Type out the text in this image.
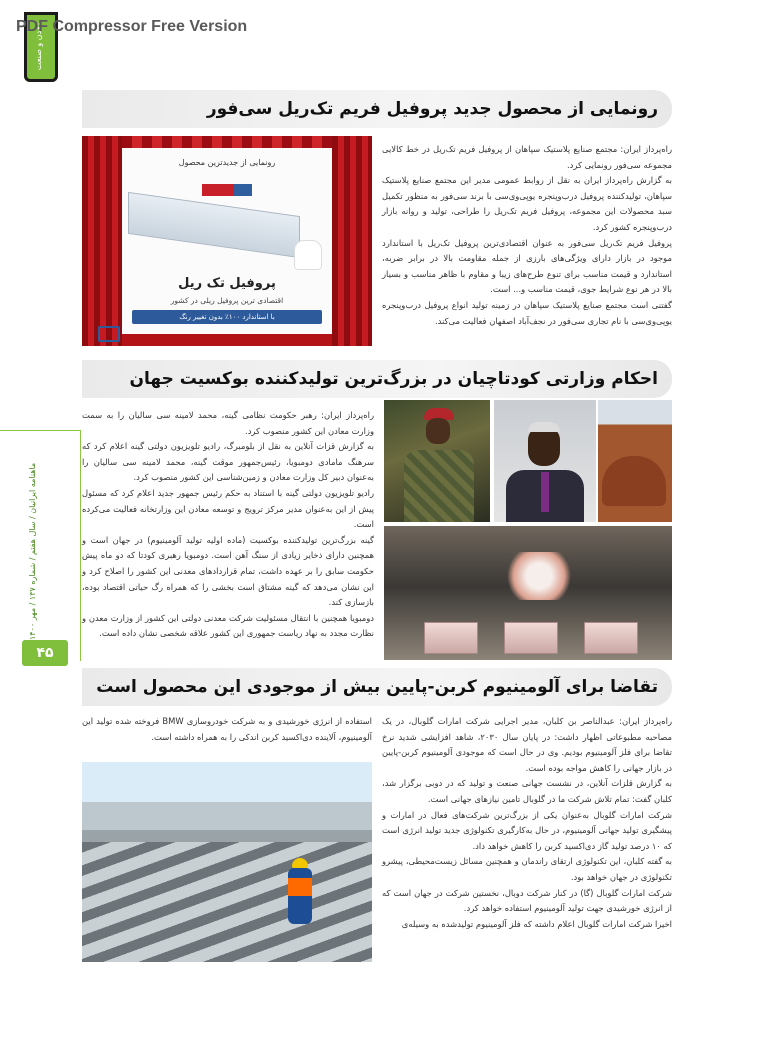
PDF Compressor Free Version
معدن و صنعت
ماهنامه ایرانیان / سال هفتم / شماره ۱۳۷ / مهر ۱۴۰۰
۴۵
رونمایی از محصول جدید پروفیل فریم تک‌ریل سی‌فور
رونمایی از جدیدترین محصول
پروفیل تک ریل
اقتصادی ترین پروفیل ریلی در کشور
با استاندارد ۱۰۰٪ بدون تغییر رنگ

راه‌پرداز ایران: مجتمع صنایع پلاستیک سپاهان از پروفیل فریم تک‌ریل در خط کالایی مجموعه سی‌فور رونمایی کرد.

به گزارش راه‌پرداز ایران به نقل از روابط عمومی مدیر این مجتمع صنایع پلاستیک سپاهان، تولیدکننده پروفیل درب‌وپنجره یوپی‌وی‌سی با برند سی‌فور به منظور تکمیل سبد محصولات این مجموعه، پروفیل فریم تک‌ریل را طراحی، تولید و روانه بازار درب‌وپنجره کشور کرد.

پروفیل فریم تک‌ریل سی‌فور به عنوان اقتصادی‌ترین پروفیل تک‌ریل با استاندارد موجود در بازار دارای ویژگی‌های بارزی از جمله مقاومت بالا در برابر ضربه، استاندارد و قیمت مناسب برای تنوع طرح‌های زیبا و مقاوم با ظاهر مناسب و بسیار بالا در هر نوع شرایط جوی، قیمت مناسب و... است.

گفتنی است مجتمع صنایع پلاستیک سپاهان در زمینه تولید انواع پروفیل درب‌وپنجره یوپی‌وی‌سی با نام تجاری سی‌فور در نجف‌آباد اصفهان فعالیت می‌کند.

احکام وزارتی کودتاچیان در بزرگ‌ترین تولیدکننده بوکسیت جهان

راه‌پرداز ایران: رهبر حکومت نظامی گینه، محمد لامینه سی سالیان را به سمت وزارت معادن این کشور منصوب کرد.

به گزارش قزات آنلاین به نقل از بلومبرگ، رادیو تلویزیون دولتی گینه اعلام کرد که سرهنگ مامادی دومبویا، رئیس‌جمهور موقت گینه، محمد لامینه سی سالیان را به‌عنوان دبیر کل وزارت معادن و زمین‌شناسی این کشور منصوب کرد.

رادیو تلویزیون دولتی گینه با استناد به حکم رئیس جمهور جدید اعلام کرد که مسئول پیش از این به‌عنوان مدیر مرکز ترویج و توسعه معادن این وزارتخانه فعالیت می‌کرده است.

گینه بزرگ‌ترین تولیدکننده بوکسیت (ماده اولیه تولید آلومینیوم) در جهان است و همچنین دارای ذخایر زیادی از سنگ آهن است. دومبویا رهبری کودتا که دو ماه پیش حکومت سابق را بر عهده داشت، تمام قراردادهای معدنی این کشور را اصلاح کرد و این نشان می‌دهد که گینه مشتاق است بخشی را که همراه رگ حیاتی اقتصاد بوده، بازسازی کند.

دومبویا همچنین با انتقال مسئولیت شرکت معدنی دولتی این کشور از وزارت معدن و نظارت مجدد به نهاد ریاست جمهوری این کشور علاقه شخصی نشان داده است.

تقاضا برای آلومینیوم کربن-پایین بیش از موجودی این محصول است

استفاده از انرژی خورشیدی و به شرکت خودروسازی BMW فروخته شده تولید این آلومینیوم، آلاینده دی‌اکسید کربن اندکی را به همراه داشته است.

راه‌پرداز ایران: عبدالناصر بن کلبان، مدیر اجرایی شرکت امارات گلوبال، در یک مصاحبه مطبوعاتی اظهار داشت: در پایان سال ۲۰۳۰، شاهد افزایشی شدید نرخ تقاضا برای فلز آلومینیوم بودیم. وی در حال است که موجودی آلومینیوم کربن-پایین در بازار جهانی را کاهش مواجه بوده است.

به گزارش قلزات آنلاین، در نشست جهانی صنعت و تولید که در دوبی برگزار شد، کلبان گفت: تمام تلاش شرکت ما در گلوبال تامین نیازهای جهانی است.

شرکت امارات گلوبال به‌عنوان یکی از بزرگ‌ترین شرکت‌های فعال در امارات و پیشگیری تولید جهانی آلومینیوم، در حال به‌کارگیری تکنولوژی جدید تولید انرژی است که ۱۰ درصد تولید گاز دی‌اکسید کربن را کاهش خواهد داد.

به گفته کلبان، این تکنولوژی ارتقای راندمان و همچنین مسائل زیست‌محیطی، پیشرو تکنولوژی در جهان خواهد بود.

شرکت امارات گلوبال (گا) در کنار شرکت دوبال، نخستین شرکت در جهان است که از انرژی خورشیدی جهت تولید آلومینیوم استفاده خواهد کرد.

اخیرا شرکت امارات گلوبال اعلام داشته که فلز آلومینیوم تولیدشده به وسیله‌ی
